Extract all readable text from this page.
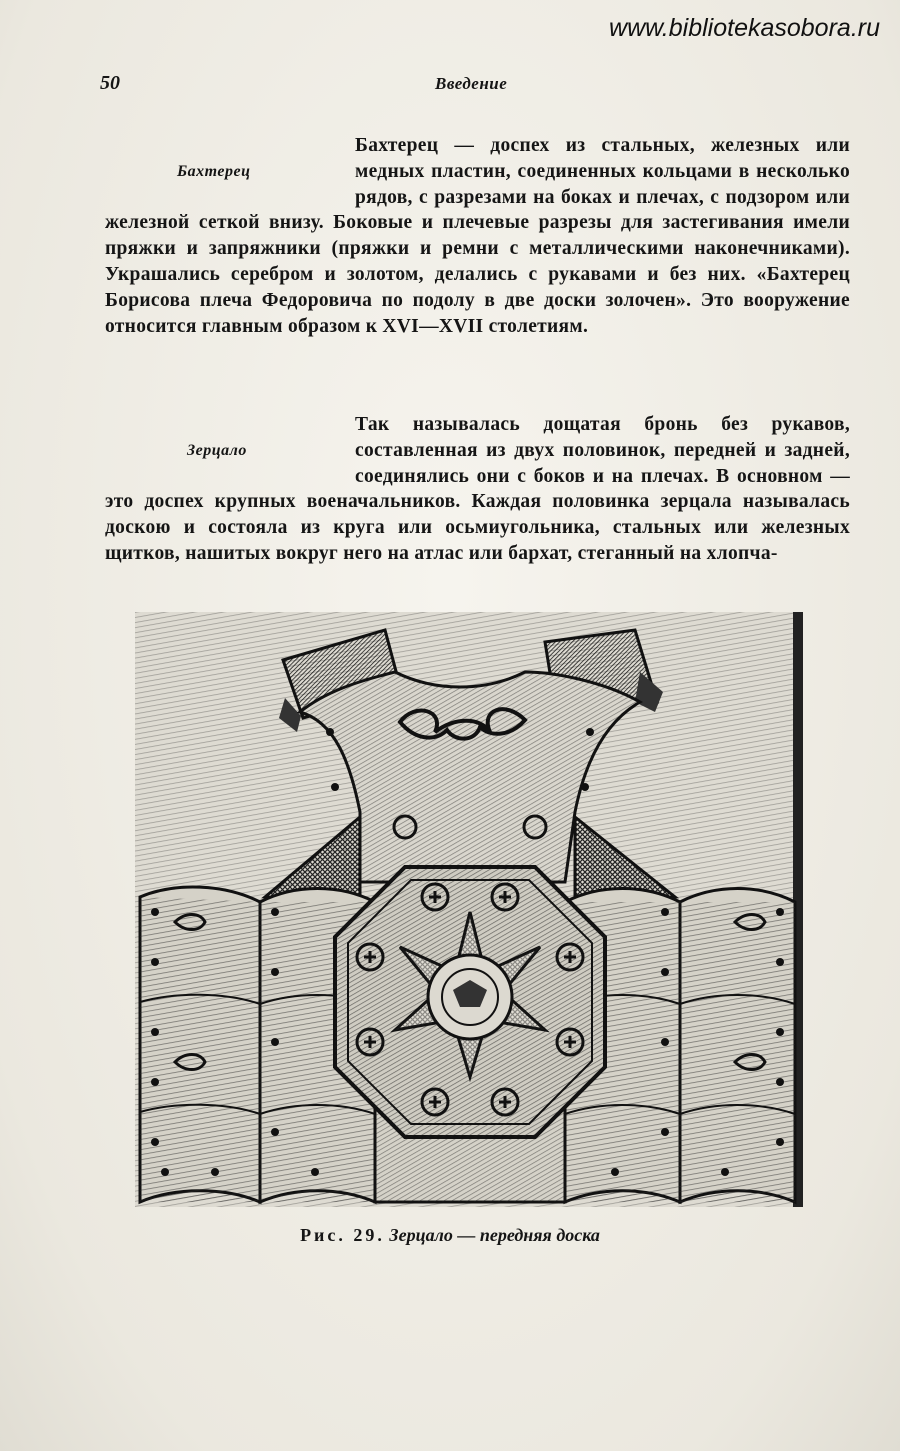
www.bibliotekasobora.ru
50	Введение
Бахтерец
Бахтерец — доспех из стальных, железных или медных пластин, соединенных кольцами в несколько рядов, с разрезами на боках и плечах, с подзором или железной сеткой внизу. Боковые и плечевые разрезы для застегивания имели пряжки и запряжники (пряжки и ремни с металлическими наконечниками). Украшались серебром и золотом, делались с рукавами и без них. «Бахтерец Борисова плеча Федоровича по подолу в две доски золочен». Это вооружение относится главным образом к XVI—XVII столетиям.
Зерцало
Так называлась дощатая бронь без рукавов, составленная из двух половинок, передней и задней, соединялись они с боков и на плечах. В основном — это доспех крупных военачальников. Каждая половинка зерцала называлась доскою и состояла из круга или осьмиугольника, стальных или железных щитков, нашитых вокруг него на атлас или бархат, стеганный на хлопча-
Рис. 29. Зерцало — передняя доска
